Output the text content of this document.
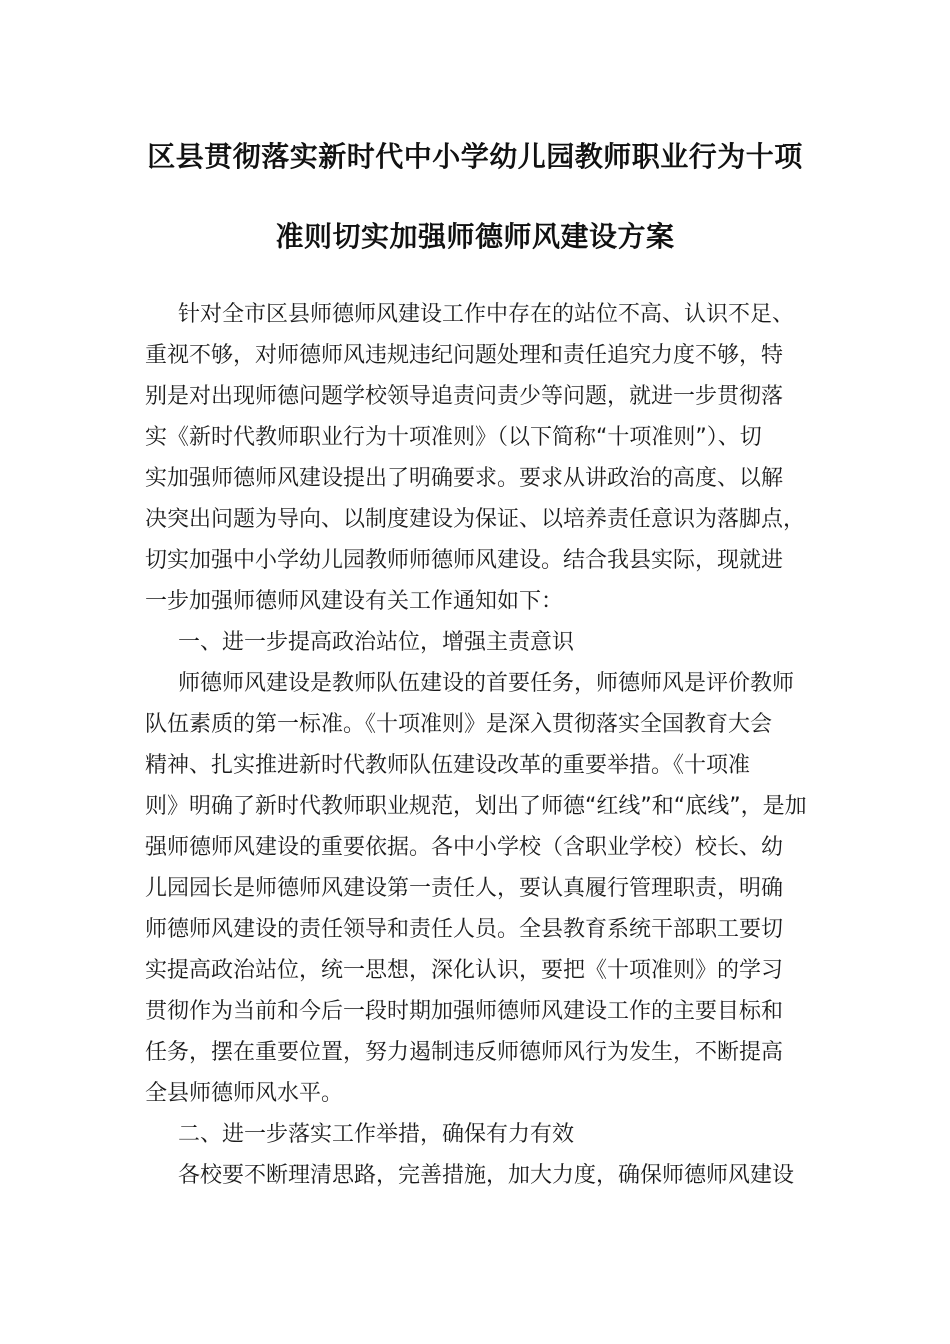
区县贯彻落实新时代中小学幼儿园教师职业行为十项
准则切实加强师德师风建设方案
针对全市区县师德师风建设工作中存在的站位不高、认识不足、
重视不够，对师德师风违规违纪问题处理和责任追究力度不够，特
别是对出现师德问题学校领导追责问责少等问题，就进一步贯彻落
实《新时代教师职业行为十项准则》（以下简称“十项准则”）、切
实加强师德师风建设提出了明确要求。要求从讲政治的高度、以解
决突出问题为导向、以制度建设为保证、以培养责任意识为落脚点，
切实加强中小学幼儿园教师师德师风建设。结合我县实际，现就进
一步加强师德师风建设有关工作通知如下：
一、进一步提高政治站位，增强主责意识
师德师风建设是教师队伍建设的首要任务，师德师风是评价教师
队伍素质的第一标准。《十项准则》是深入贯彻落实全国教育大会
精神、扎实推进新时代教师队伍建设改革的重要举措。《十项准
则》明确了新时代教师职业规范，划出了师德“红线”和“底线”，是加
强师德师风建设的重要依据。各中小学校（含职业学校）校长、幼
儿园园长是师德师风建设第一责任人，要认真履行管理职责，明确
师德师风建设的责任领导和责任人员。全县教育系统干部职工要切
实提高政治站位，统一思想，深化认识，要把《十项准则》的学习
贯彻作为当前和今后一段时期加强师德师风建设工作的主要目标和
任务，摆在重要位置，努力遏制违反师德师风行为发生，不断提高
全县师德师风水平。
二、进一步落实工作举措，确保有力有效
各校要不断理清思路，完善措施，加大力度，确保师德师风建设
